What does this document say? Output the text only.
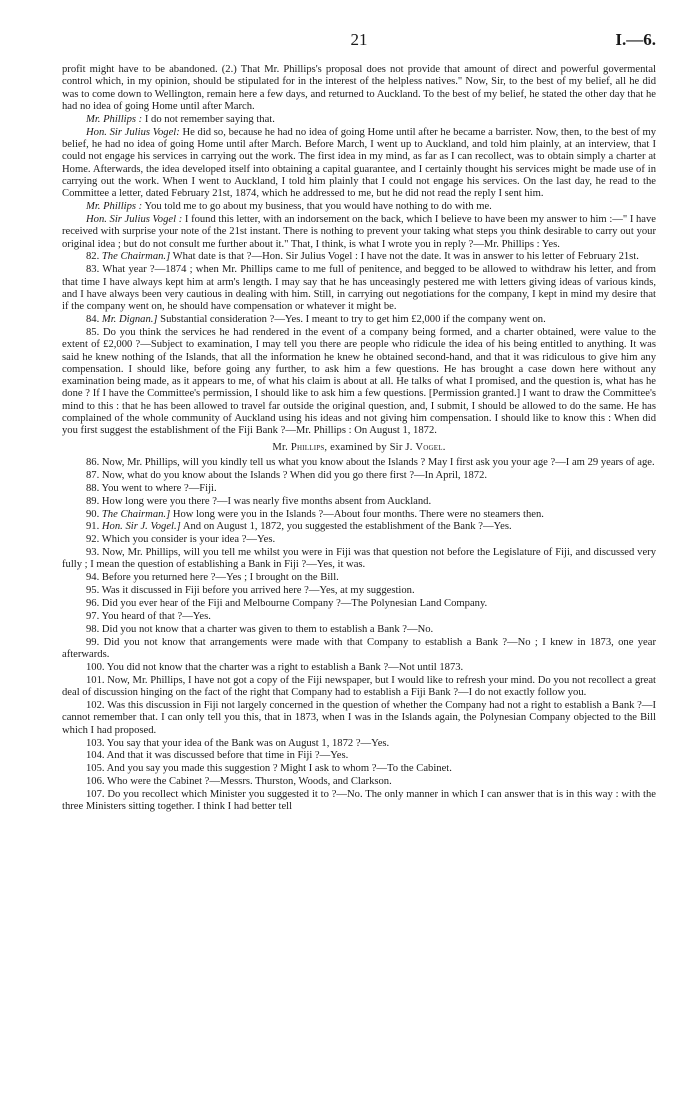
21	I.—6.

profit might have to be abandoned. (2.) That Mr. Phillips's proposal does not provide that amount of direct and powerful govermental control which, in my opinion, should be stipulated for in the interest of the helpless natives." Now, Sir, to the best of my belief, all he did was to come down to Wellington, remain here a few days, and returned to Auckland. To the best of my belief, he stated the other day that he had no idea of going Home until after March.

Mr. Phillips : I do not remember saying that.

Hon. Sir Julius Vogel: He did so, because he had no idea of going Home until after he became a barrister. Now, then, to the best of my belief, he had no idea of going Home until after March. Before March, I went up to Auckland, and told him plainly, at an interview, that I could not engage his services in carrying out the work. The first idea in my mind, as far as I can recollect, was to obtain simply a charter at Home. Afterwards, the idea developed itself into obtaining a capital guarantee, and I certainly thought his services might be made use of in carrying out the work. When I went to Auckland, I told him plainly that I could not engage his services. On the last day, he read to the Committee a letter, dated February 21st, 1874, which he addressed to me, but he did not read the reply I sent him.

Mr. Phillips : You told me to go about my business, that you would have nothing to do with me.

Hon. Sir Julius Vogel : I found this letter, with an indorsement on the back, which I believe to have been my answer to him :—" I have received with surprise your note of the 21st instant. There is nothing to prevent your taking what steps you think desirable to carry out your original idea ; but do not consult me further about it." That, I think, is what I wrote you in reply ?—Mr. Phillips : Yes.

82. The Chairman.] What date is that ?—Hon. Sir Julius Vogel : I have not the date. It was in answer to his letter of February 21st.

83. What year ?—1874 ; when Mr. Phillips came to me full of penitence, and begged to be allowed to withdraw his letter, and from that time I have always kept him at arm's length. I may say that he has unceasingly pestered me with letters giving ideas of various kinds, and I have always been very cautious in dealing with him. Still, in carrying out negotiations for the company, I kept in mind my desire that if the company went on, he should have compensation or whatever it might be.

84. Mr. Dignan.] Substantial consideration ?—Yes. I meant to try to get him £2,000 if the company went on.

85. Do you think the services he had rendered in the event of a company being formed, and a charter obtained, were value to the extent of £2,000 ?—Subject to examination, I may tell you there are people who ridicule the idea of his being entitled to anything. It was said he knew nothing of the Islands, that all the information he knew he obtained second-hand, and that it was ridiculous to give him any compensation. I should like, before going any further, to ask him a few questions. He has brought a case down here without any examination being made, as it appears to me, of what his claim is about at all. He talks of what I promised, and the question is, what has he done ? If I have the Committee's permission, I should like to ask him a few questions. [Permission granted.] I want to draw the Committee's mind to this : that he has been allowed to travel far outside the original question, and, I submit, I should be allowed to do the same. He has complained of the whole community of Auckland using his ideas and not giving him compensation. I should like to know this : When did you first suggest the establishment of the Fiji Bank ?—Mr. Phillips : On August 1, 1872.

Mr. Phillips, examined by Sir J. Vogel.

86. Now, Mr. Phillips, will you kindly tell us what you know about the Islands ? May I first ask you your age ?—I am 29 years of age.

87. Now, what do you know about the Islands ? When did you go there first ?—In April, 1872.

88. You went to where ?—Fiji.

89. How long were you there ?—I was nearly five months absent from Auckland.

90. The Chairman.] How long were you in the Islands ?—About four months. There were no steamers then.

91. Hon. Sir J. Vogel.] And on August 1, 1872, you suggested the establishment of the Bank ?—Yes.

92. Which you consider is your idea ?—Yes.

93. Now, Mr. Phillips, will you tell me whilst you were in Fiji was that question not before the Legislature of Fiji, and discussed very fully ; I mean the question of establishing a Bank in Fiji ?—Yes, it was.

94. Before you returned here ?—Yes ; I brought on the Bill.

95. Was it discussed in Fiji before you arrived here ?—Yes, at my suggestion.

96. Did you ever hear of the Fiji and Melbourne Company ?—The Polynesian Land Company.

97. You heard of that ?—Yes.

98. Did you not know that a charter was given to them to establish a Bank ?—No.

99. Did you not know that arrangements were made with that Company to establish a Bank ?—No ; I knew in 1873, one year afterwards.

100. You did not know that the charter was a right to establish a Bank ?—Not until 1873.

101. Now, Mr. Phillips, I have not got a copy of the Fiji newspaper, but I would like to refresh your mind. Do you not recollect a great deal of discussion hinging on the fact of the right that Company had to establish a Fiji Bank ?—I do not exactly follow you.

102. Was this discussion in Fiji not largely concerned in the question of whether the Company had not a right to establish a Bank ?—I cannot remember that. I can only tell you this, that in 1873, when I was in the Islands again, the Polynesian Company objected to the Bill which I had proposed.

103. You say that your idea of the Bank was on August 1, 1872 ?—Yes.

104. And that it was discussed before that time in Fiji ?—Yes.

105. And you say you made this suggestion ? Might I ask to whom ?—To the Cabinet.

106. Who were the Cabinet ?—Messrs. Thurston, Woods, and Clarkson.

107. Do you recollect which Minister you suggested it to ?—No. The only manner in which I can answer that is in this way : with the three Ministers sitting together. I think I had better tell
